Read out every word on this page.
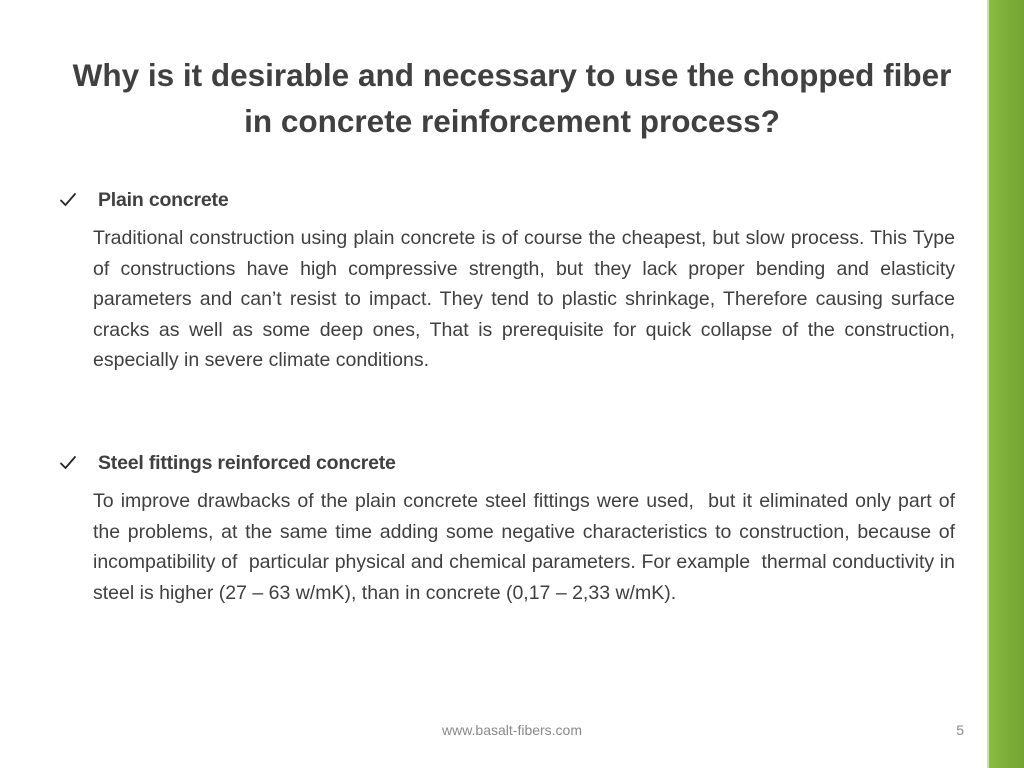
Why is it desirable and necessary to use the chopped fiber in concrete reinforcement process?
Plain concrete

Traditional construction using plain concrete is of course the cheapest, but slow process. This Type of constructions have high compressive strength, but they lack proper bending and elasticity parameters and can’t resist to impact. They tend to plastic shrinkage, Therefore causing surface cracks as well as some deep ones, That is prerequisite for quick collapse of the construction, especially in severe climate conditions.

Steel fittings reinforced concrete

To improve drawbacks of the plain concrete steel fittings were used,  but it eliminated only part of the problems, at the same time adding some negative characteristics to construction, because of incompatibility of  particular physical and chemical parameters. For example  thermal conductivity in steel is higher (27 – 63 w/mK), than in concrete (0,17 – 2,33 w/mK).

www.basalt-fibers.com	5
